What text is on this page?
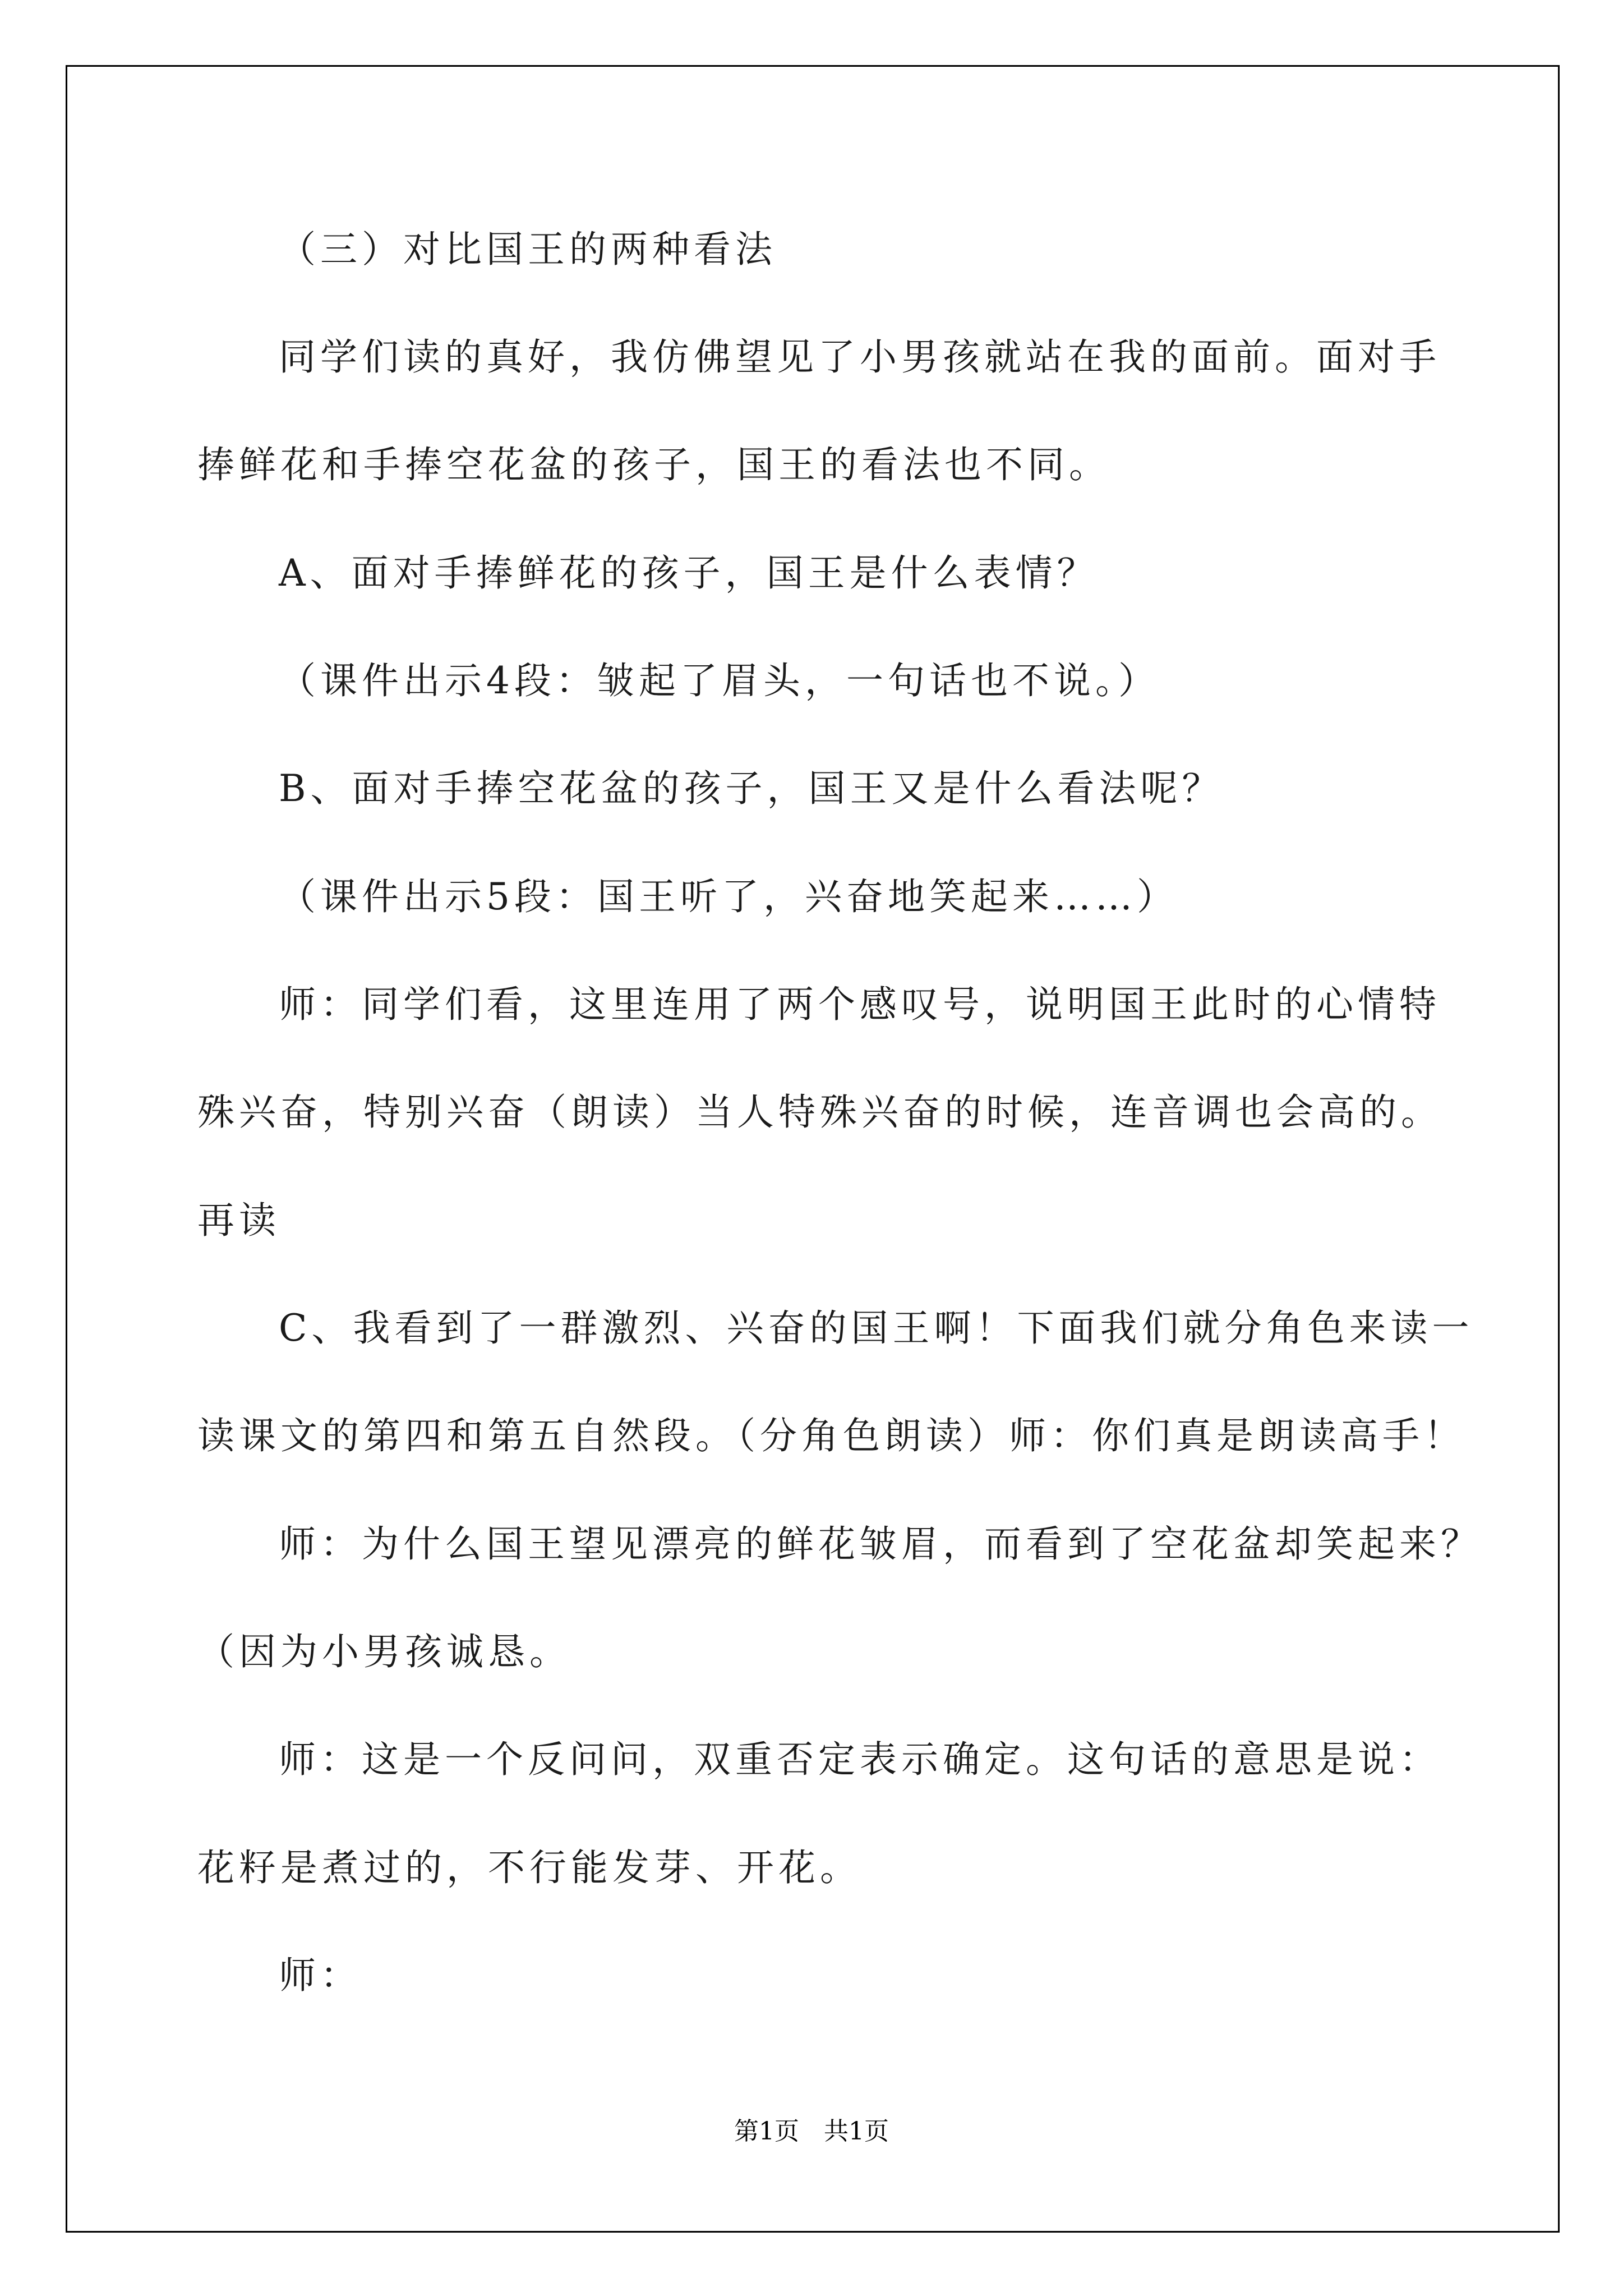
（三）对比国王的两种看法
同学们读的真好，我仿佛望见了小男孩就站在我的面前。面对手
捧鲜花和手捧空花盆的孩子，国王的看法也不同。
A、面对手捧鲜花的孩子，国王是什么表情？
（课件出示4段：皱起了眉头，一句话也不说。）
B、面对手捧空花盆的孩子，国王又是什么看法呢？
（课件出示5段：国王听了，兴奋地笑起来……）
师：同学们看，这里连用了两个感叹号，说明国王此时的心情特
殊兴奋，特别兴奋（朗读）当人特殊兴奋的时候，连音调也会高的。
再读
C、我看到了一群激烈、兴奋的国王啊！下面我们就分角色来读一
读课文的第四和第五自然段。（分角色朗读）师：你们真是朗读高手！
师：为什么国王望见漂亮的鲜花皱眉，而看到了空花盆却笑起来？
（因为小男孩诚恳。
师：这是一个反问问，双重否定表示确定。这句话的意思是说：
花籽是煮过的，不行能发芽、开花。
师：
第1页　共1页
